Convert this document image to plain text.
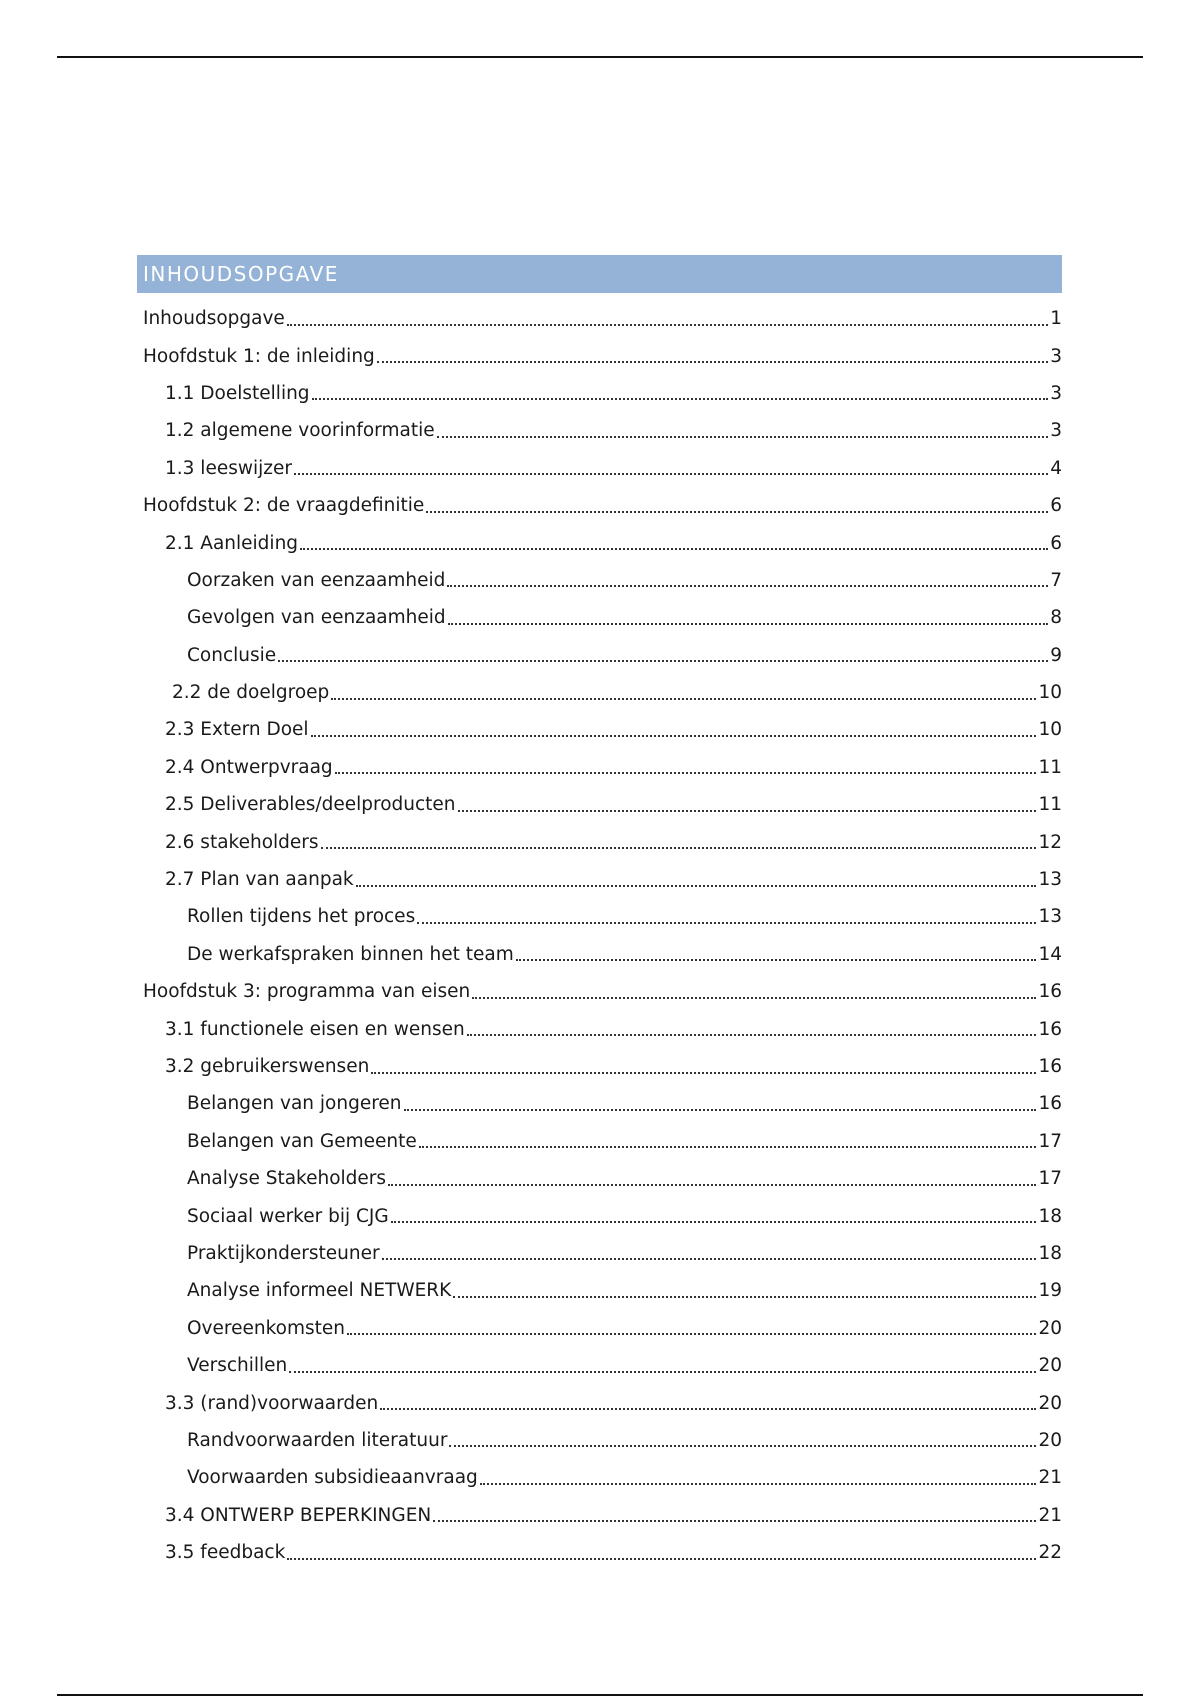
INHOUDSOPGAVE
Inhoudsopgave	1
Hoofdstuk 1: de inleiding	3
1.1 Doelstelling	3
1.2 algemene voorinformatie	3
1.3 leeswijzer	4
Hoofdstuk 2: de vraagdefinitie	6
2.1 Aanleiding	6
Oorzaken van eenzaamheid	7
Gevolgen van eenzaamheid	8
Conclusie	9
2.2 de doelgroep	10
2.3 Extern Doel	10
2.4 Ontwerpvraag	11
2.5 Deliverables/deelproducten	11
2.6 stakeholders	12
2.7 Plan van aanpak	13
Rollen tijdens het proces	13
De werkafspraken binnen het team	14
Hoofdstuk 3: programma van eisen	16
3.1 functionele eisen en wensen	16
3.2 gebruikerswensen	16
Belangen van jongeren	16
Belangen van Gemeente	17
Analyse Stakeholders	17
Sociaal werker bij CJG	18
Praktijkondersteuner	18
Analyse informeel NETWERK	19
Overeenkomsten	20
Verschillen	20
3.3 (rand)voorwaarden	20
Randvoorwaarden literatuur	20
Voorwaarden subsidieaanvraag	21
3.4 ONTWERP BEPERKINGEN	21
3.5 feedback	22
